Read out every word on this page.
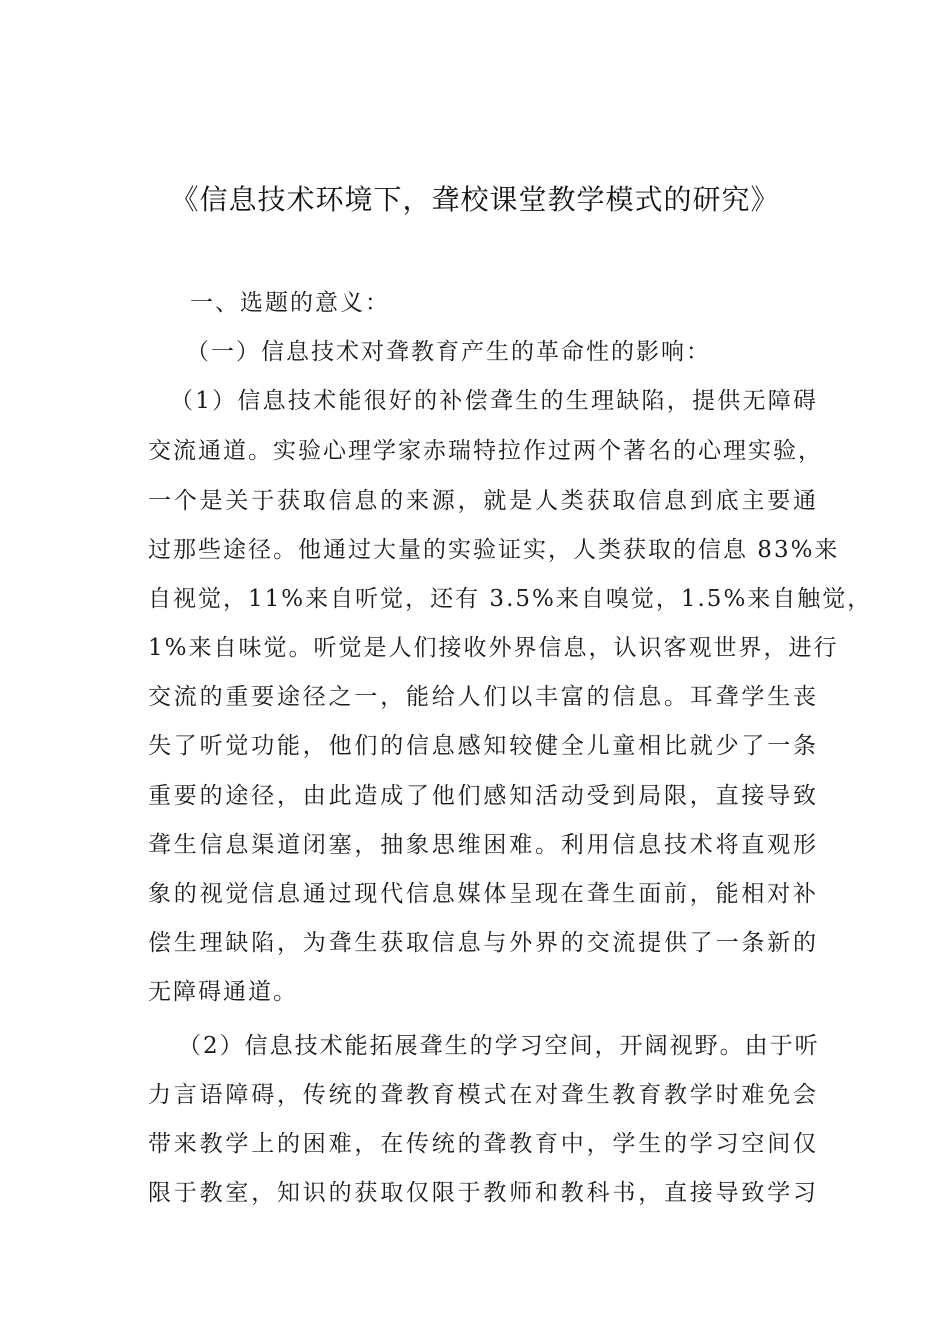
《信息技术环境下，聋校课堂教学模式的研究》
一、选题的意义：
（一）信息技术对聋教育产生的革命性的影响：
（1）信息技术能很好的补偿聋生的生理缺陷，提供无障碍
交流通道。实验心理学家赤瑞特拉作过两个著名的心理实验，
一个是关于获取信息的来源，就是人类获取信息到底主要通
过那些途径。他通过大量的实验证实，人类获取的信息 83%来
自视觉，11%来自听觉，还有 3.5%来自嗅觉，1.5%来自触觉，
1%来自味觉。听觉是人们接收外界信息，认识客观世界，进行
交流的重要途径之一，能给人们以丰富的信息。耳聋学生丧
失了听觉功能，他们的信息感知较健全儿童相比就少了一条
重要的途径，由此造成了他们感知活动受到局限，直接导致
聋生信息渠道闭塞，抽象思维困难。利用信息技术将直观形
象的视觉信息通过现代信息媒体呈现在聋生面前，能相对补
偿生理缺陷，为聋生获取信息与外界的交流提供了一条新的
无障碍通道。
（2）信息技术能拓展聋生的学习空间，开阔视野。由于听
力言语障碍，传统的聋教育模式在对聋生教育教学时难免会
带来教学上的困难，在传统的聋教育中，学生的学习空间仅
限于教室，知识的获取仅限于教师和教科书，直接导致学习
